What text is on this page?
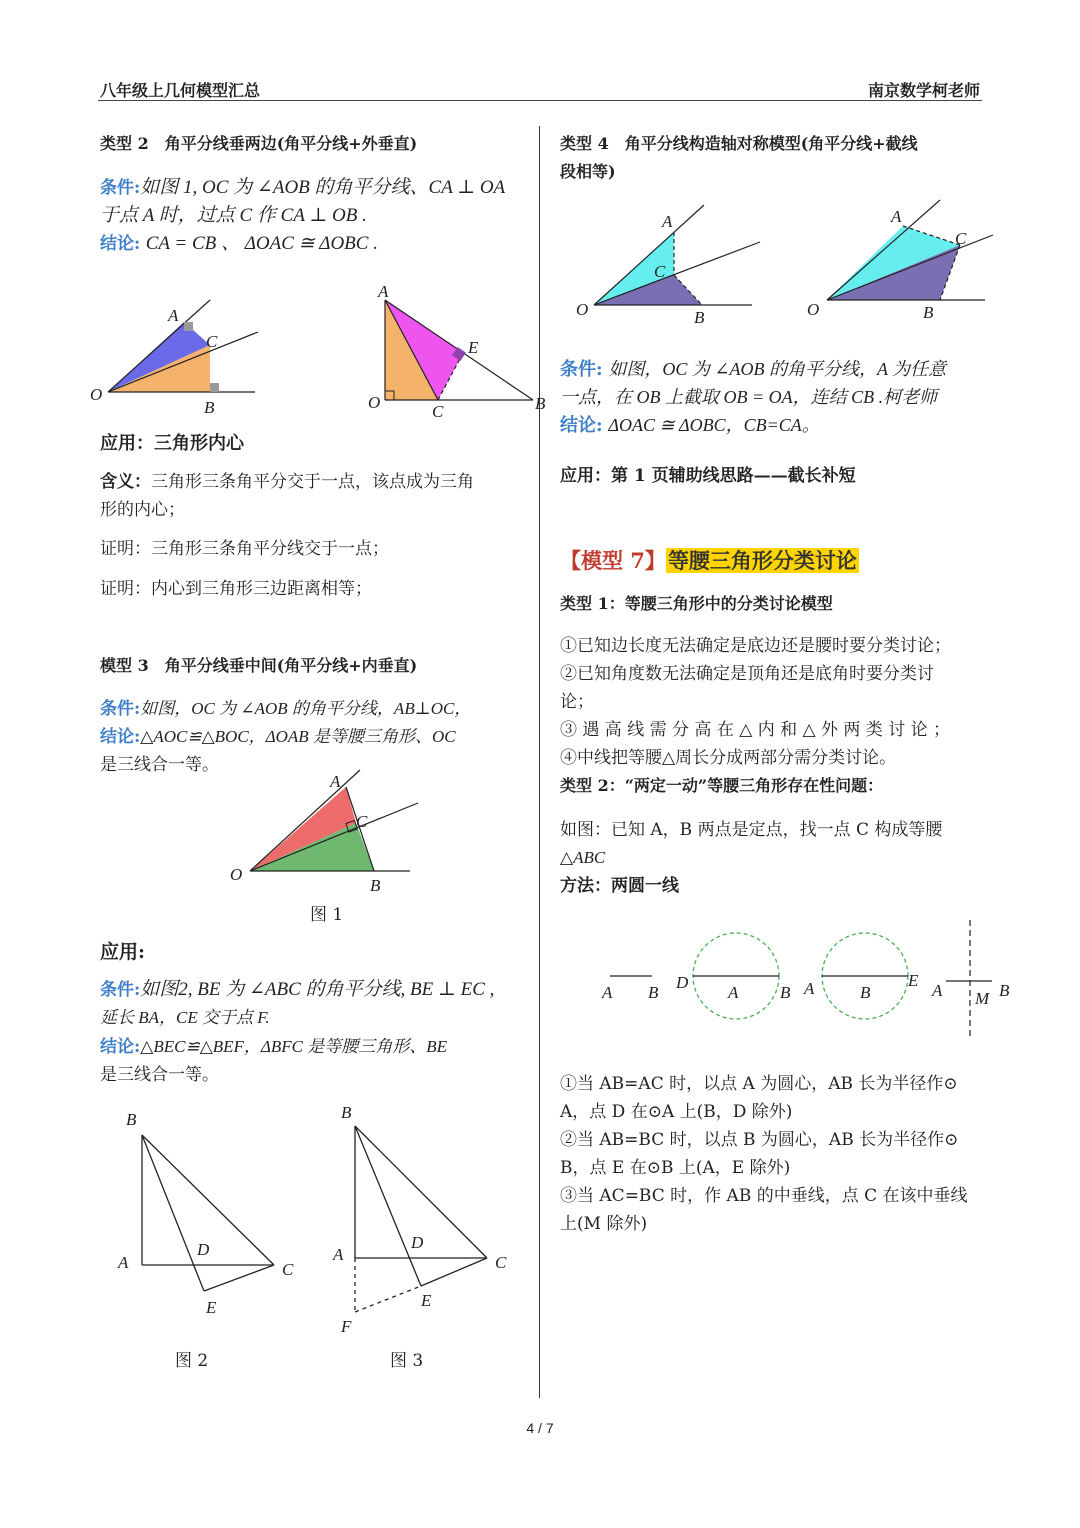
八年级上几何模型汇总	南京数学柯老师
类型 2　角平分线垂两边(角平分线+外垂直)
条件:如图 1, OC 为 ∠AOB 的角平分线、CA ⊥ OA
于点 A 时，过点 C 作 CA ⊥ OB .
结论: CA = CB 、 ΔOAC ≅ ΔOBC .
O
A
C
B
A
O	C
E
B
应用：三角形内心
含义：三角形三条角平分交于一点，该点成为三角
形的内心；
证明：三角形三条角平分线交于一点；
证明：内心到三角形三边距离相等；
模型 3　角平分线垂中间(角平分线+内垂直)
条件:如图，OC 为 ∠AOB 的角平分线，AB⊥OC，
结论:△AOC≌△BOC，ΔOAB 是等腰三角形、OC
是三线合一等。
O
A
C
B
图 1
应用:
条件:如图2, BE 为 ∠ABC 的角平分线, BE ⊥ EC ,
延长 BA，CE 交于点 F.
结论:△BEC≌△BEF，ΔBFC 是等腰三角形、BE
是三线合一等。
B
A
D
C
E
图 2
B
A
D
C
E
F
图 3
类型 4　角平分线构造轴对称模型(角平分线+截线
段相等)
O
A
C
B	O
A
C
B
条件: 如图，OC 为 ∠AOB 的角平分线，A 为任意
一点，在 OB 上截取 OB = OA，连结 CB .柯老师
结论: ΔOAC ≅ ΔOBC，CB=CA。
应用：第 1 页辅助线思路——截长补短
【模型 7】等腰三角形分类讨论
类型 1：等腰三角形中的分类讨论模型
①已知边长度无法确定是底边还是腰时要分类讨论；
②已知角度数无法确定是顶角还是底角时要分类讨
论；
③ 遇 高 线 需 分 高 在 △ 内 和 △ 外 两 类 讨 论 ；
④中线把等腰△周长分成两部分需分类讨论。
类型 2：“两定一动”等腰三角形存在性问题：
如图：已知 A，B 两点是定点，找一点 C 构成等腰
△ABC
方法：两圆一线
A B
D
A B A	B
E
A M B
①当 AB=AC 时，以点 A 为圆心，AB 长为半径作⊙
A，点 D 在⊙A 上(B，D 除外)
②当 AB=BC 时，以点 B 为圆心，AB 长为半径作⊙
B，点 E 在⊙B 上(A，E 除外)
③当 AC=BC 时，作 AB 的中垂线，点 C 在该中垂线
上(M 除外)
4 / 7
